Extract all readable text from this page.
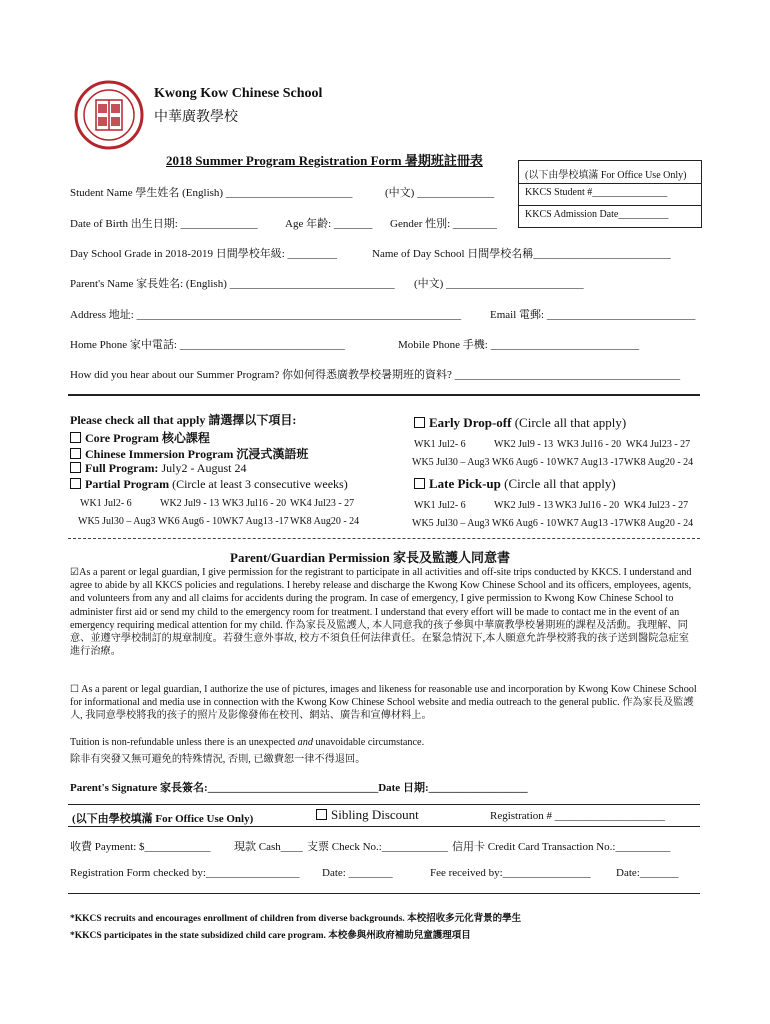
Kwong Kow Chinese School
中華廣教學校
2018 Summer Program Registration Form 暑期班註冊表
(以下由學校填滿 For Office Use Only)
KKCS Student #_______________
KKCS Admission Date__________
Student Name 學生姓名 (English) _______________________	(中文) ______________
Date of Birth 出生日期: ______________ Age 年齡: _______ Gender 性別: ________
Day School Grade in 2018-2019 日間學校年級: _________	Name of Day School 日間學校名稱_________________________
Parent's Name 家長姓名: (English) ______________________________ (中文) _________________________
Address 地址: ___________________________________________________________	Email 電郵: ___________________________
Home Phone 家中電話: ______________________________	Mobile Phone 手機: ___________________________
How did you hear about our Summer Program? 你如何得悉廣教學校暑期班的資料? _________________________________________
Please check all that apply 請選擇以下項目:
Core Program 核心課程
Chinese Immersion Program 沉浸式漢語班
Full Program: July2 - August 24
Partial Program (Circle at least 3 consecutive weeks)
WK1 Jul2- 6	WK2 Jul9 - 13 WK3 Jul16 - 20 WK4 Jul23 - 27
WK5 Jul30 – Aug3 WK6 Aug6 - 10 WK7 Aug13 -17 WK8 Aug20 - 24
Early Drop-off (Circle all that apply)
WK1 Jul2- 6	WK2 Jul9 - 13 WK3 Jul16 - 20 WK4 Jul23 - 27
WK5 Jul30 – Aug3 WK6 Aug6 - 10 WK7 Aug13 -17 WK8 Aug20 - 24
Late Pick-up (Circle all that apply)
WK1 Jul2- 6	WK2 Jul9 - 13 WK3 Jul16 - 20 WK4 Jul23 - 27
WK5 Jul30 – Aug3 WK6 Aug6 - 10 WK7 Aug13 -17 WK8 Aug20 - 24
Parent/Guardian Permission 家長及監護人同意書
☑As a parent or legal guardian, I give permission for the registrant to participate in all activities and off-site trips conducted by KKCS. I understand and agree to abide by all KKCS policies and regulations. I hereby release and discharge the Kwong Kow Chinese School and its officers, employees, agents, and volunteers from any and all claims for accidents during the program. In case of emergency, I give permission to Kwong Kow Chinese School to administer first aid or send my child to the emergency room for treatment. I understand that every effort will be made to contact me in the event of an emergency requiring medical attention for my child. 作為家長及監護人, 本人同意我的孩子參與中華廣教學校暑期班的課程及活動。我理解、同意、並遵守學校制訂的規章制度。若發生意外事故, 校方不須負任何法律責任。在緊急情況下,本人願意允許學校將我的孩子送到醫院急症室進行治療。
☐ As a parent or legal guardian, I authorize the use of pictures, images and likeness for reasonable use and incorporation by Kwong Kow Chinese School for informational and media use in connection with the Kwong Kow Chinese School website and media outreach to the general public. 作為家長及監護人, 我同意學校將我的孩子的照片及影像發佈在校刊、網站、廣告和宣傳材料上。
Tuition is non-refundable unless there is an unexpected and unavoidable circumstance.
除非有突發又無可避免的特殊情況, 否則, 已繳費恕一律不得退回。
Parent's Signature 家長簽名:_______________________________Date 日期:__________________
(以下由學校填滿 For Office Use Only)	Sibling Discount	Registration # ____________________
收費 Payment: $____________ 現款 Cash____ 支票 Check No.:____________ 信用卡 Credit Card Transaction No.:__________
Registration Form checked by:_________________ Date: ________	Fee received by:________________ Date:_______
*KKCS recruits and encourages enrollment of children from diverse backgrounds. 本校招收多元化背景的學生
*KKCS participates in the state subsidized child care program. 本校參與州政府補助兒童護理項目
